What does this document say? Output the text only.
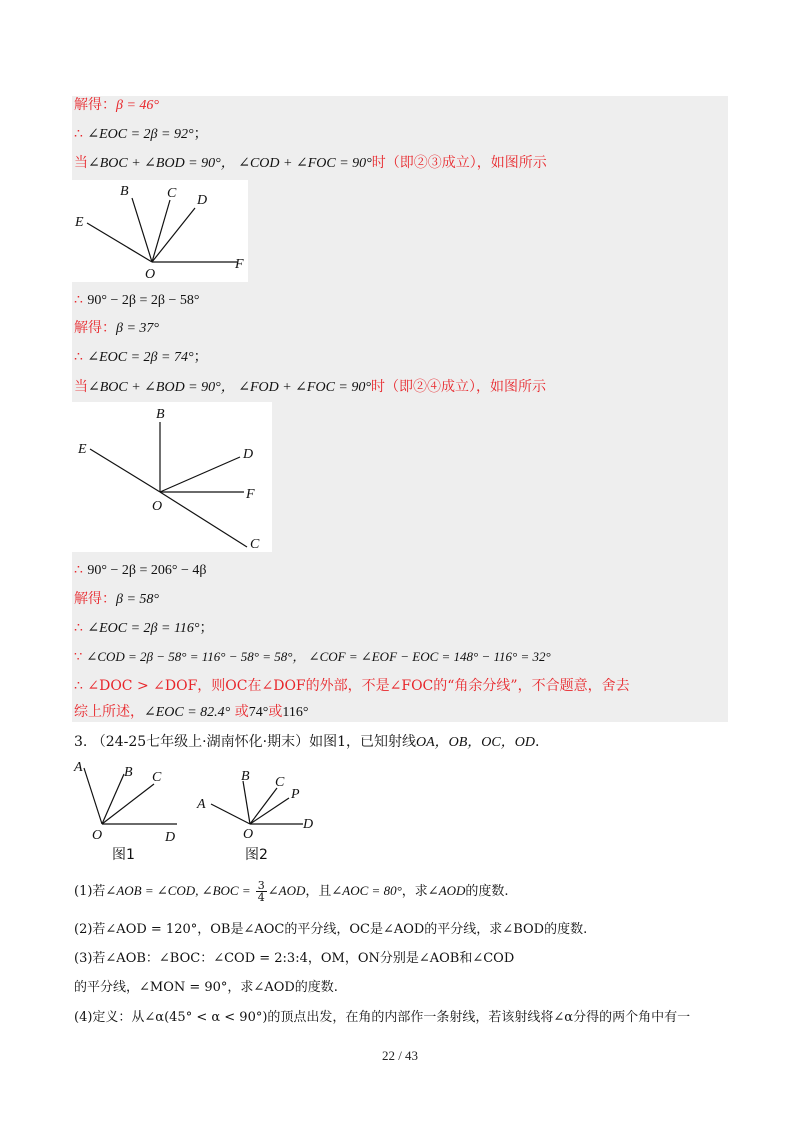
解得：β = 46°
∴ ∠EOC = 2β = 92°；
当∠BOC + ∠BOD = 90°， ∠COD + ∠FOC = 90°时（即②③成立），如图所示
B	C D
E
O
F
∴ 90° − 2β = 2β − 58°
解得：β = 37°
∴ ∠EOC = 2β = 74°；
当∠BOC + ∠BOD = 90°， ∠FOD + ∠FOC = 90°时（即②④成立），如图所示
B
E	D
F
O
C
∴ 90° − 2β = 206° − 4β
解得：β = 58°
∴ ∠EOC = 2β = 116°；
∵ ∠COD = 2β − 58° = 116° − 58° = 58°， ∠COF = ∠EOF − EOC = 148° − 116° = 32°
∴ ∠DOC > ∠DOF，则OC在∠DOF的外部，不是∠FOC的“角余分线”，不合题意，舍去
综上所述，∠EOC = 82.4° 或74°或116°
3. （24-25七年级上·湖南怀化·期末）如图1，已知射线OA，OB，OC，OD.
A	B C
O	D
图1
A
B C
P
O
D
图2
(1)若∠AOB = ∠COD, ∠BOC = $\frac{3}{4}$ ∠AOD，且∠AOC = 80°，求∠AOD的度数.
(2)若∠AOD = 120°，OB是∠AOC的平分线，OC是∠AOD的平分线，求∠BOD的度数.
(3)若∠AOB：∠BOC：∠COD = 2:3:4，OM，ON分别是∠AOB和∠COD
的平分线，∠MON = 90°，求∠AOD的度数.
(4)定义：从∠α(45° < α < 90°)的顶点出发，在角的内部作一条射线，若该射线将∠α分得的两个角中有一
22 / 43
